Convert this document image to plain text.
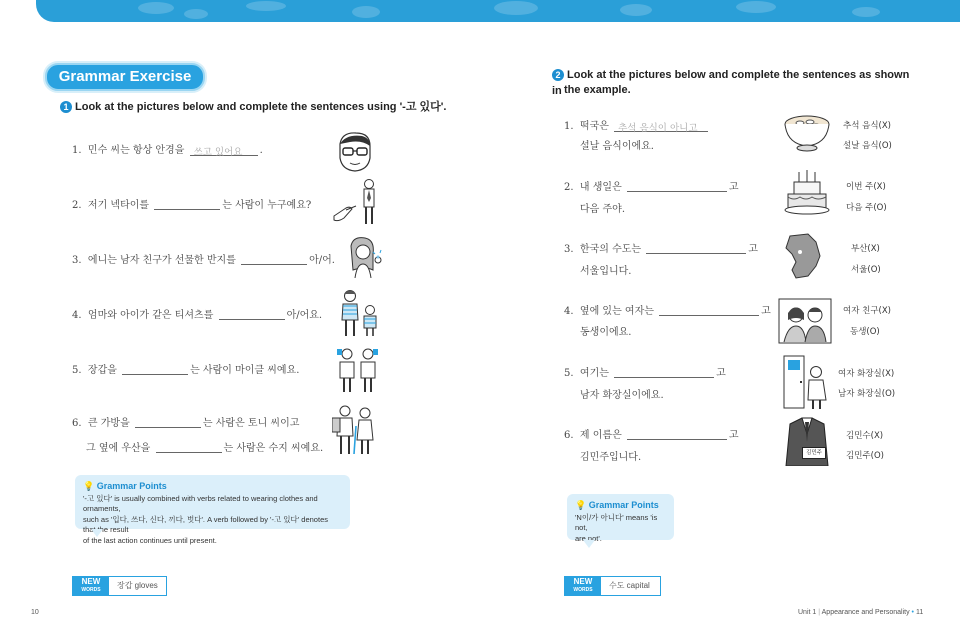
Grammar Exercise
1 Look at the pictures below and complete the sentences using '-고 있다'.
1. 민수 씨는 항상 안경을 쓰고 있어요 .
2. 저기 넥타이를	는 사람이 누구예요?
3. 에니는 남자 친구가 선물한 반지를	아/어.
4. 엄마와 아이가 같은 티셔츠를	아/어요.
5. 장갑을	는 사람이 마이클 씨예요.
6. 큰 가방을	는 사람은 토니 씨이고
그 옆에 우산을	는 사람은 수지 씨예요.
💡 Grammar Points
'-고 있다' is usually combined with verbs related to wearing clothes and ornaments,
such as '입다, 쓰다, 신다, 끼다, 벗다'. A verb followed by '-고 있다' denotes that the result
of the last action continues until present.
NEW
WORDS	장갑 gloves
10
2 Look at the pictures below and complete the sentences as shown in the example.
1. 떡국은 추석 음식이 아니고
설날 음식이에요.
2. 내 생일은	고
다음 주야.
3. 한국의 수도는	고
서울입니다.
4. 옆에 있는 여자는	고
동생이에요.
5. 여기는	고
남자 화장실이에요.
6. 제 이름은	고
김민주입니다.	김민주
추석 음식(X)
설날 음식(O)
이번 주(X)
다음 주(O)
부산(X)
서울(O)
여자 친구(X)
동생(O)
여자 화장실(X)
남자 화장실(O)
김민수(X)
김민주(O)
💡 Grammar Points
'N이/가 아니다' means 'is not,
are not'.
NEW
WORDS	수도 capital
Unit 1 | Appearance and Personality • 11
